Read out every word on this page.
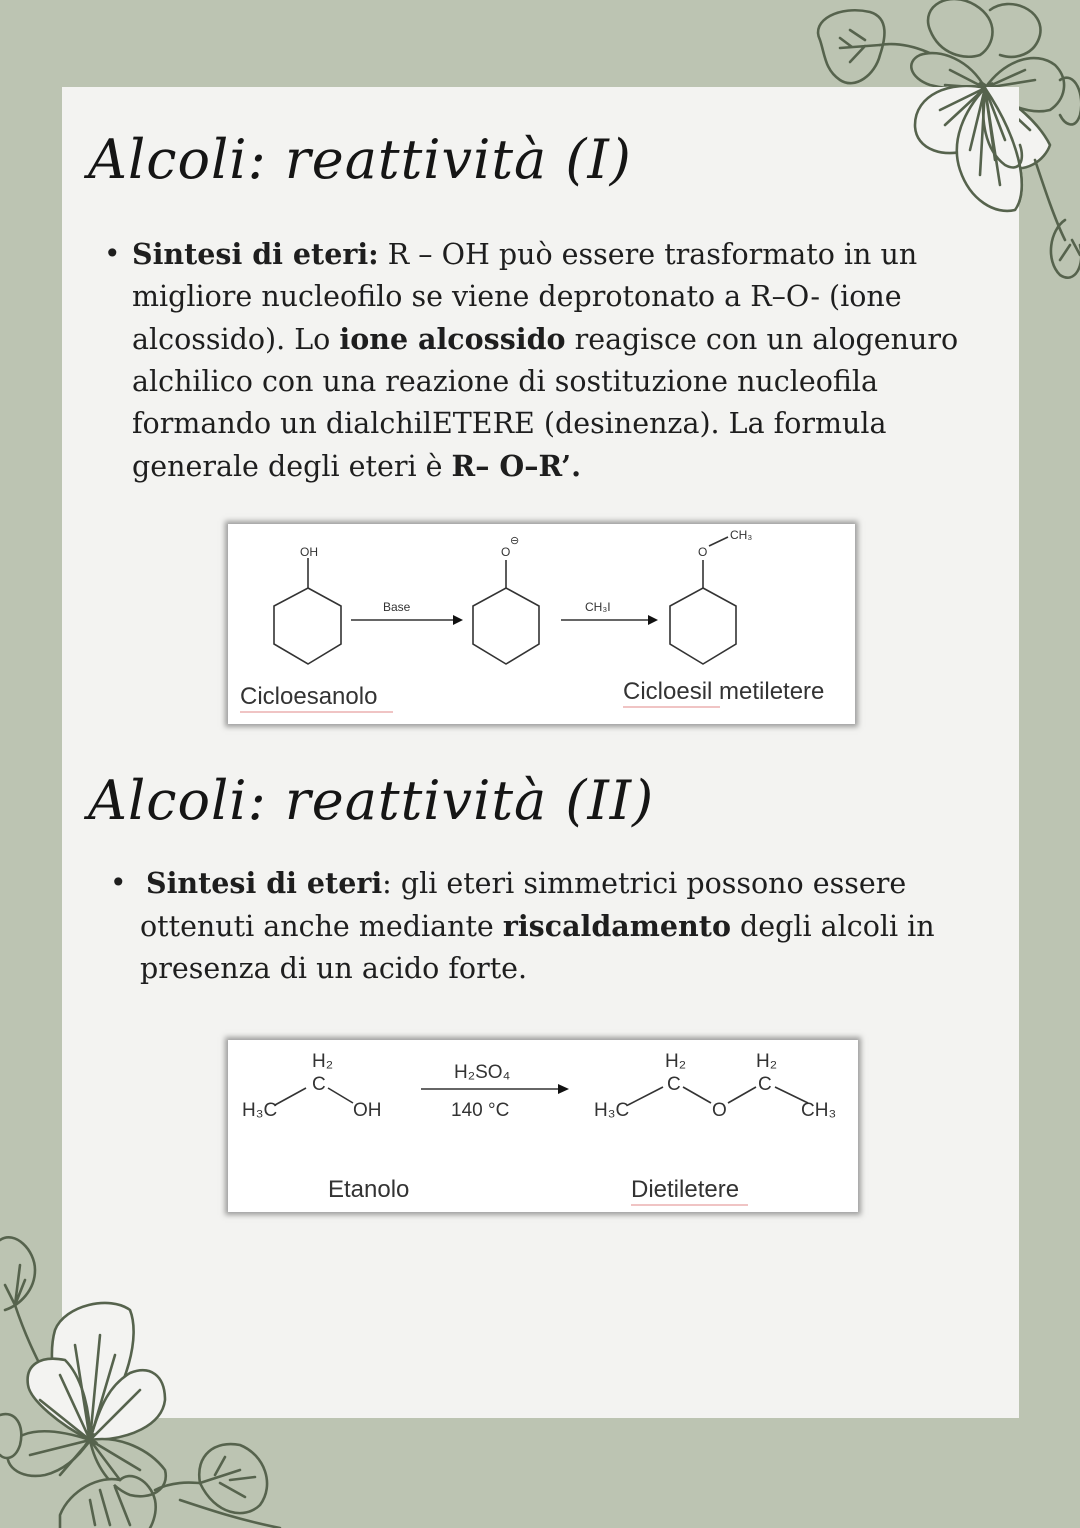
Alcoli: reattività (I)
• Sintesi di eteri: R – OH può essere trasformato in un migliore nucleofilo se viene deprotonato a R–O- (ione alcossido). Lo ione alcossido reagisce con un alogenuro alchilico con una reazione di sostituzione nucleofila formando un dialchilETERE (desinenza). La formula generale degli eteri è R– O–R’.
OH
Base
O
⊖
CH₃I
O
CH₃
Cicloesanolo	Cicloesil metiletere
Alcoli: reattività (II)
• Sintesi di eteri: gli eteri simmetrici possono essere ottenuti anche mediante riscaldamento degli alcoli in presenza di un acido forte.
H₃C
H₂
C
OH
H₂SO₄
140 °C	H₃C
H₂
C
O
H₂
C
CH₃
Etanolo	Dietiletere
